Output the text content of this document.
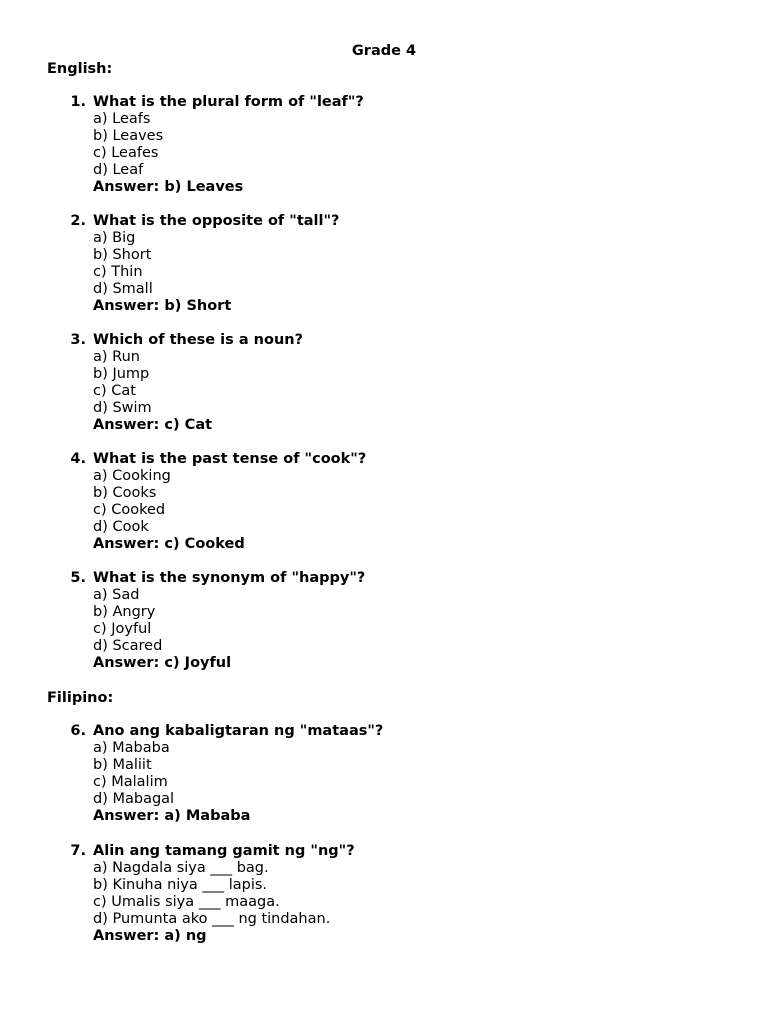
Grade 4
English:
1. What is the plural form of "leaf"?
a) Leafs
b) Leaves
c) Leafes
d) Leaf
Answer: b) Leaves
2. What is the opposite of "tall"?
a) Big
b) Short
c) Thin
d) Small
Answer: b) Short
3. Which of these is a noun?
a) Run
b) Jump
c) Cat
d) Swim
Answer: c) Cat
4. What is the past tense of "cook"?
a) Cooking
b) Cooks
c) Cooked
d) Cook
Answer: c) Cooked
5. What is the synonym of "happy"?
a) Sad
b) Angry
c) Joyful
d) Scared
Answer: c) Joyful
Filipino:
6. Ano ang kabaligtaran ng "mataas"?
a) Mababa
b) Maliit
c) Malalim
d) Mabagal
Answer: a) Mababa
7. Alin ang tamang gamit ng "ng"?
a) Nagdala siya ___ bag.
b) Kinuha niya ___ lapis.
c) Umalis siya ___ maaga.
d) Pumunta ako ___ ng tindahan.
Answer: a) ng
